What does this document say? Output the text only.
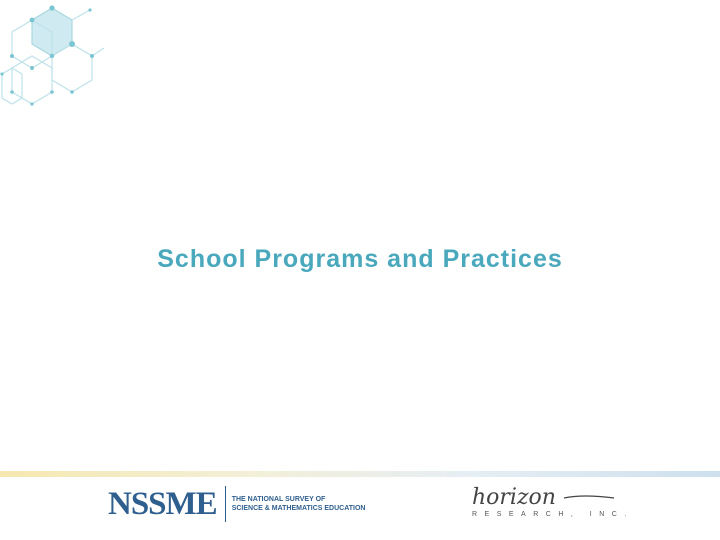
School Programs and Practices
NSSME THE NATIONAL SURVEY OF
SCIENCE & MATHEMATICS EDUCATION	horizon
RESEARCH, INC.
